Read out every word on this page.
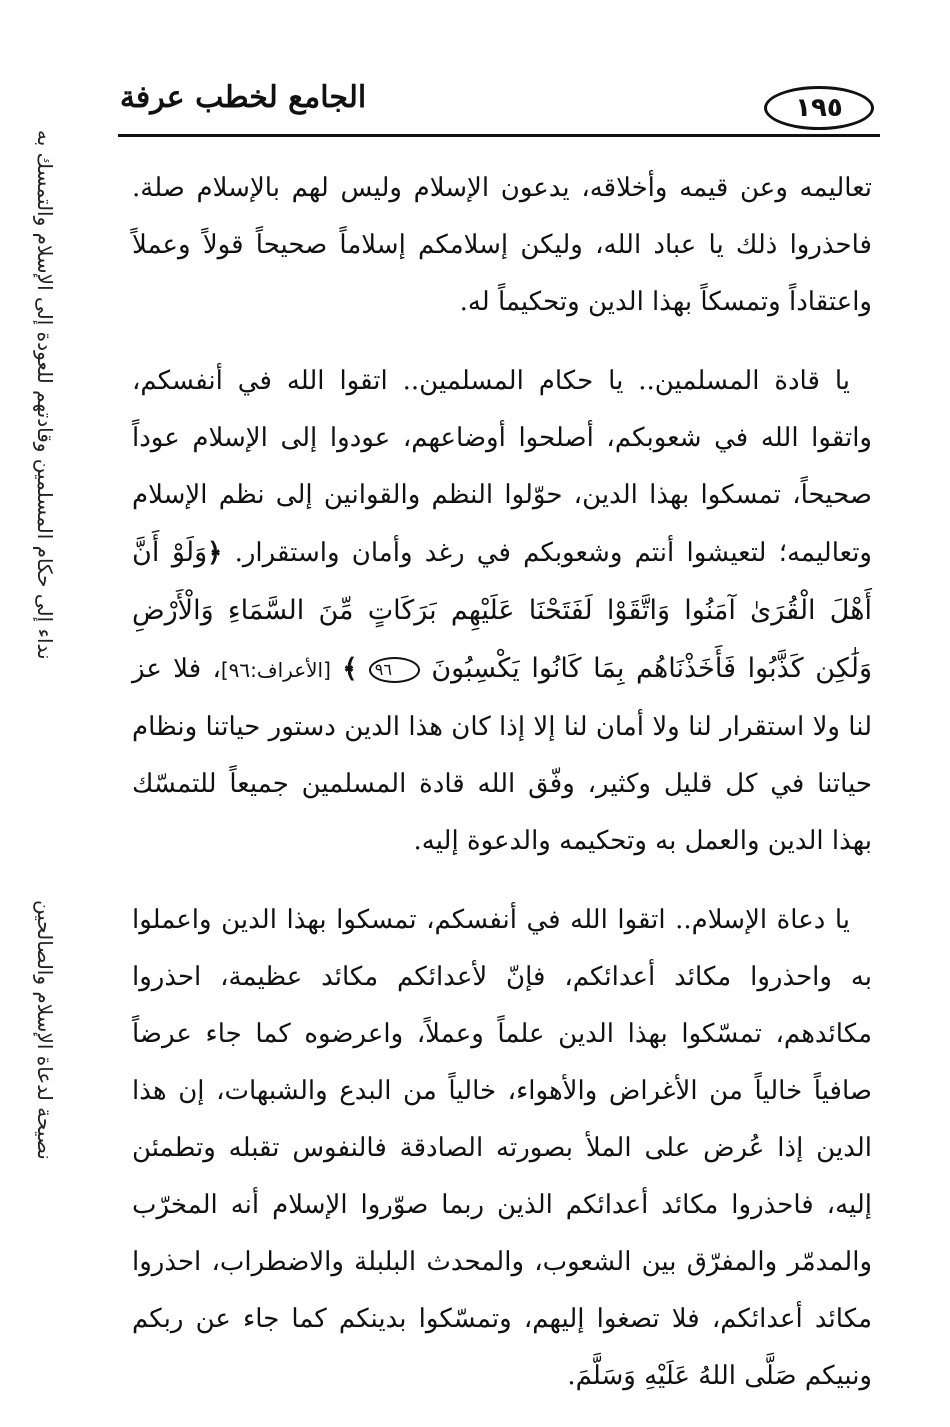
الجامع لخطب عرفة	١٩٥
نداء إلى حكام المسلمين وقادتهم للعودة إلى الإسلام والتمسك به
نصيحة لدعاة الإسلام والصالحين

تعاليمه وعن قيمه وأخلاقه، يدعون الإسلام وليس لهم بالإسلام صلة. فاحذروا ذلك يا عباد الله، وليكن إسلامكم إسلاماً صحيحاً قولاً وعملاً واعتقاداً وتمسكاً بهذا الدين وتحكيماً له.

يا قادة المسلمين.. يا حكام المسلمين.. اتقوا الله في أنفسكم، واتقوا الله في شعوبكم، أصلحوا أوضاعهم، عودوا إلى الإسلام عوداً صحيحاً، تمسكوا بهذا الدين، حوّلوا النظم والقوانين إلى نظم الإسلام وتعاليمه؛ لتعيشوا أنتم وشعوبكم في رغد وأمان واستقرار. ﴿وَلَوْ أَنَّ أَهْلَ الْقُرَىٰ آمَنُوا وَاتَّقَوْا لَفَتَحْنَا عَلَيْهِم بَرَكَاتٍ مِّنَ السَّمَاءِ وَالْأَرْضِ وَلَٰكِن كَذَّبُوا فَأَخَذْنَاهُم بِمَا كَانُوا يَكْسِبُونَ ٩٦ ﴾ [الأعراف:٩٦]، فلا عز لنا ولا استقرار لنا ولا أمان لنا إلا إذا كان هذا الدين دستور حياتنا ونظام حياتنا في كل قليل وكثير، وفّق الله قادة المسلمين جميعاً للتمسّك بهذا الدين والعمل به وتحكيمه والدعوة إليه.

يا دعاة الإسلام.. اتقوا الله في أنفسكم، تمسكوا بهذا الدين واعملوا به واحذروا مكائد أعدائكم، فإنّ لأعدائكم مكائد عظيمة، احذروا مكائدهم، تمسّكوا بهذا الدين علماً وعملاً، واعرضوه كما جاء عرضاً صافياً خالياً من الأغراض والأهواء، خالياً من البدع والشبهات، إن هذا الدين إذا عُرض على الملأ بصورته الصادقة فالنفوس تقبله وتطمئن إليه، فاحذروا مكائد أعدائكم الذين ربما صوّروا الإسلام أنه المخرّب والمدمّر والمفرّق بين الشعوب، والمحدث البلبلة والاضطراب، احذروا مكائد أعدائكم، فلا تصغوا إليهم، وتمسّكوا بدينكم كما جاء عن ربكم ونبيكم صَلَّى اللهُ عَلَيْهِ وَسَلَّمَ.
